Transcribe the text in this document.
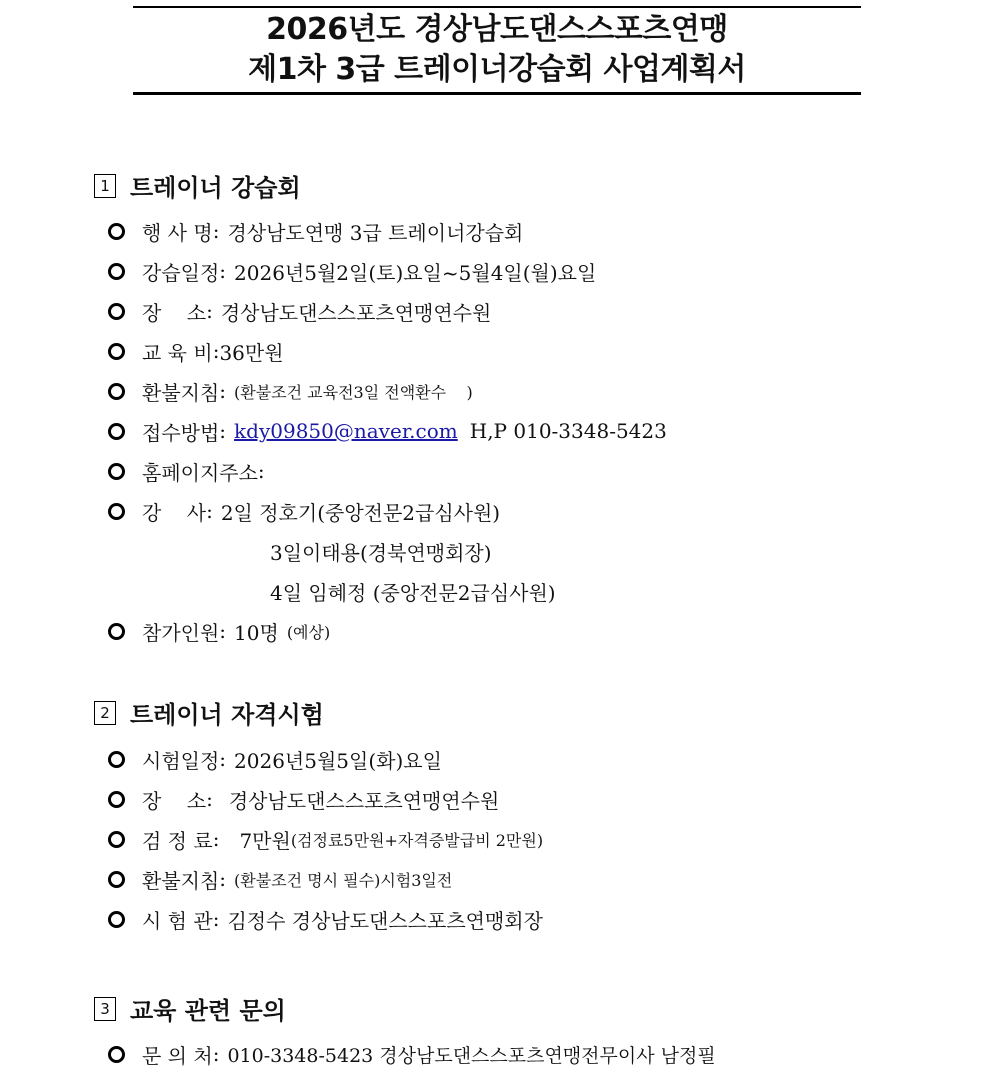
2026년도 경상남도댄스스포츠연맹
제1차 3급 트레이너강습회 사업계획서
1 트레이너 강습회
행 사 명 : 경상남도연맹 3급 트레이너강습회
강습일정 : 2026년5월2일(토)요일~5월4일(월)요일
장    소 : 경상남도댄스스포츠연맹연수원
교 육 비 : 36만원
환불지침 : (환불조건 교육전3일 전액환수    )
접수방법 : kdy09850@naver.com H,P 010-3348-5423
홈페이지주소 :
강    사 : 2일 정호기(중앙전문2급심사원)
3일이태용(경북연맹회장)
4일 임혜정 (중앙전문2급심사원)
참가인원 : 10명 (예상)
2 트레이너 자격시험
시험일정 : 2026년5월5일(화)요일
장    소 : 경상남도댄스스포츠연맹연수원
검 정 료 : 7만원 (검정료5만원+자격증발급비 2만원)
환불지침 : (환불조건 명시 필수) 시험3일전
시 험 관 : 김정수 경상남도댄스스포츠연맹회장
3 교육 관련 문의
문 의 처 : 010-3348-5423 경상남도댄스스포츠연맹전무이사 남정필
